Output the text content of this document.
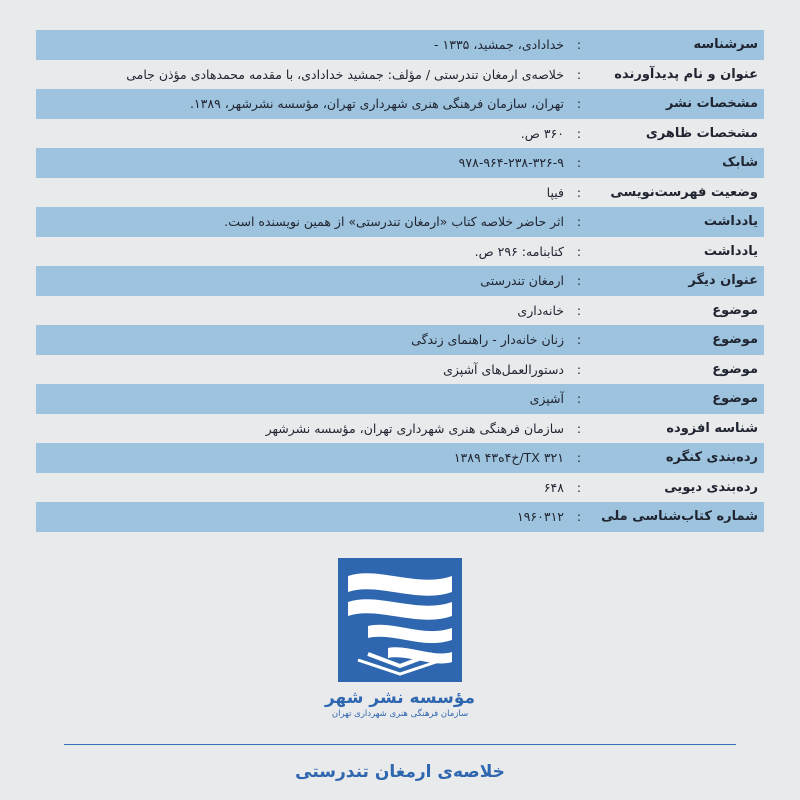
سرشناسه
:
خدادادی، جمشید، ۱۳۳۵ -
عنوان و نام پدیدآورنده
:
خلاصه‌ی ارمغان تندرستی / مؤلف: جمشید خدادادی، با مقدمه محمدهادی مؤذن جامی
مشخصات نشر
:
تهران، سازمان فرهنگی هنری شهرداری تهران، مؤسسه نشرشهر، ۱۳۸۹.
مشخصات ظاهری
:
۳۶۰ ص.
شابک
:
۹۷۸-۹۶۴-۲۳۸-۳۲۶-۹
وضعیت فهرست‌نویسی
:
فیپا
یادداشت
:
اثر حاضر خلاصه کتاب «ارمغان تندرستی» از همین نویسنده است.
یادداشت
:
کتابنامه: ۲۹۶ ص.
عنوان دیگر
:
ارمغان تندرستی
موضوع
:
خانه‌داری
موضوع
:
زنان خانه‌دار - راهنمای زندگی
موضوع
:
دستورالعمل‌های آشپزی
موضوع
:
آشپزی
شناسه افزوده
:
سازمان فرهنگی هنری شهرداری تهران، مؤسسه نشرشهر
رده‌بندی کنگره
:
TX ۳۲۱/خ۴ه۴۳ ۱۳۸۹
رده‌بندی دیویی
:
۶۴۸
شماره کتاب‌شناسی ملی
:
۱۹۶۰۳۱۲
مؤسسه نشر شهر
سازمان فرهنگی هنری شهرداری تهران
خلاصه‌ی ارمغان تندرستی
